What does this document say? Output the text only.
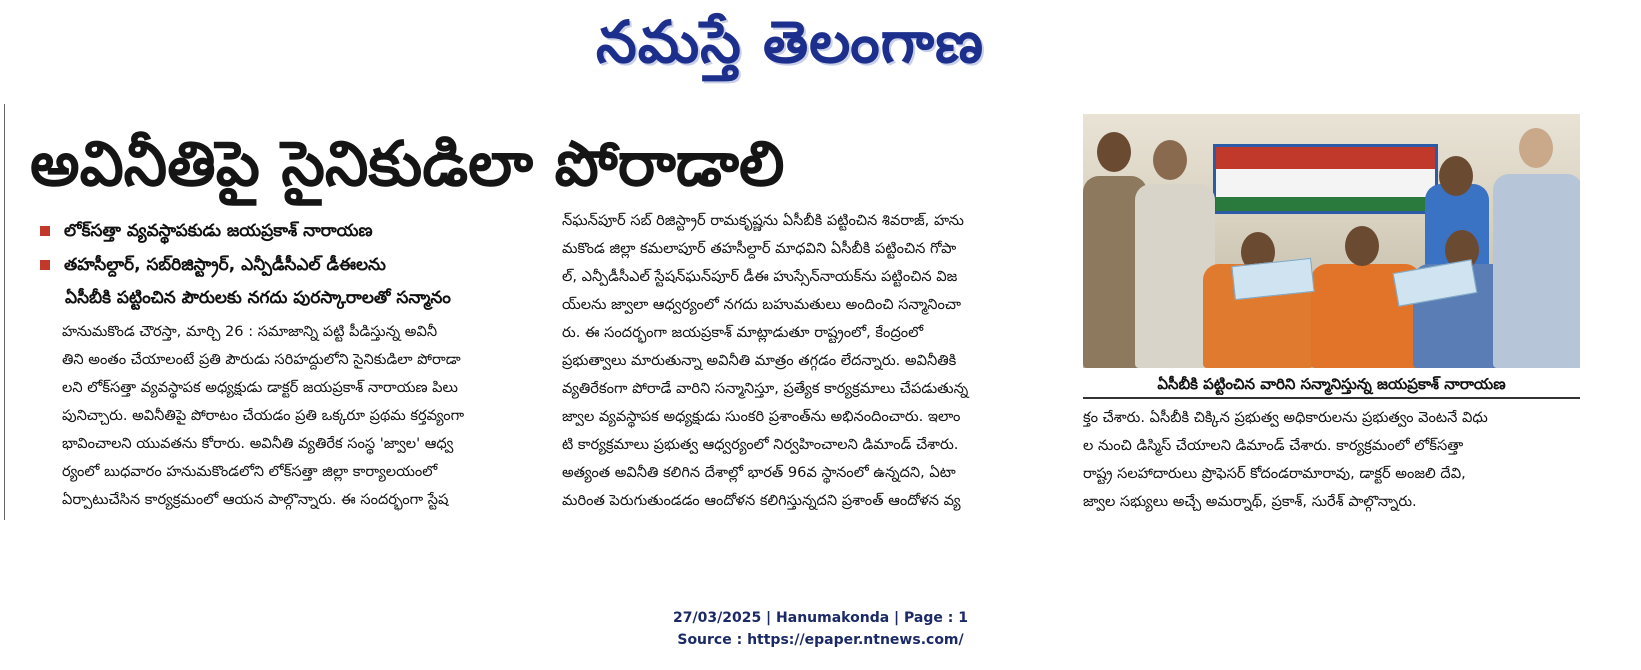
నమస్తే తెలంగాణ
అవినీతిపై సైనికుడిలా పోరాడాలి
లోక్‌సత్తా వ్యవస్థాపకుడు జయప్రకాశ్ నారాయణ
తహసీల్దార్, సబ్‌రిజిస్ట్రార్, ఎన్పీడీసీఎల్ డీఈలను
ఏసీబీకి పట్టించిన పౌరులకు నగదు పురస్కారాలతో సన్మానం
హనుమకొండ చౌరస్తా, మార్చి 26 : సమాజాన్ని పట్టి పీడిస్తున్న అవినీ
తిని అంతం చేయాలంటే ప్రతి పౌరుడు సరిహద్దులోని సైనికుడిలా పోరాడా
లని లోక్‌సత్తా వ్యవస్థాపక అధ్యక్షుడు డాక్టర్ జయప్రకాశ్ నారాయణ పిలు
పునిచ్చారు. అవినీతిపై పోరాటం చేయడం ప్రతి ఒక్కరూ ప్రథమ కర్తవ్యంగా
భావించాలని యువతను కోరారు. అవినీతి వ్యతిరేక సంస్థ 'జ్వాల' ఆధ్వ
ర్యంలో బుధవారం హనుమకొండలోని లోక్‌సత్తా జిల్లా కార్యాలయంలో
ఏర్పాటుచేసిన కార్యక్రమంలో ఆయన పాల్గొన్నారు. ఈ సందర్భంగా స్టేష
న్‌ఘన్‌పూర్ సబ్ రిజిస్ట్రార్ రామకృష్ణను ఏసీబీకి పట్టించిన శివరాజ్, హను
మకొండ జిల్లా కమలాపూర్ తహసీల్దార్ మాధవిని ఏసీబీకి పట్టించిన గోపా
ల్, ఎన్పీడీసీఎల్ స్టేషన్‌ఘన్‌పూర్ డీఈ హుస్సేన్‌నాయక్‌ను పట్టించిన విజ
య్‌లను జ్వాలా ఆధ్వర్యంలో నగదు బహుమతులు అందించి సన్మానించా
రు. ఈ సందర్భంగా జయప్రకాశ్ మాట్లాడుతూ రాష్ట్రంలో, కేంద్రంలో
ప్రభుత్వాలు మారుతున్నా అవినీతి మాత్రం తగ్గడం లేదన్నారు. అవినీతికి
వ్యతిరేకంగా పోరాడే వారిని సన్మానిస్తూ, ప్రత్యేక కార్యక్రమాలు చేపడుతున్న
జ్వాల వ్యవస్థాపక అధ్యక్షుడు సుంకరి ప్రశాంత్‌ను అభినందించారు. ఇలాం
టి కార్యక్రమాలు ప్రభుత్వ ఆధ్వర్యంలో నిర్వహించాలని డిమాండ్ చేశారు.
అత్యంత అవినీతి కలిగిన దేశాల్లో భారత్ 96వ స్థానంలో ఉన్నదని, ఏటా
మరింత పెరుగుతుండడం ఆందోళన కలిగిస్తున్నదని ప్రశాంత్ ఆందోళన వ్య
ఏసీబీకి పట్టించిన వారిని సన్మానిస్తున్న జయప్రకాశ్ నారాయణ
క్తం చేశారు. ఏసీబీకి చిక్కిన ప్రభుత్వ అధికారులను ప్రభుత్వం వెంటనే విధు
ల నుంచి డిస్మిస్ చేయాలని డిమాండ్ చేశారు. కార్యక్రమంలో లోక్‌సత్తా
రాష్ట్ర సలహాదారులు ప్రొఫెసర్ కోదండరామారావు, డాక్టర్ అంజలి దేవి,
జ్వాల సభ్యులు అచ్చే అమర్నాథ్, ప్రకాశ్, సురేశ్ పాల్గొన్నారు.
27/03/2025 | Hanumakonda | Page : 1
Source : https://epaper.ntnews.com/
